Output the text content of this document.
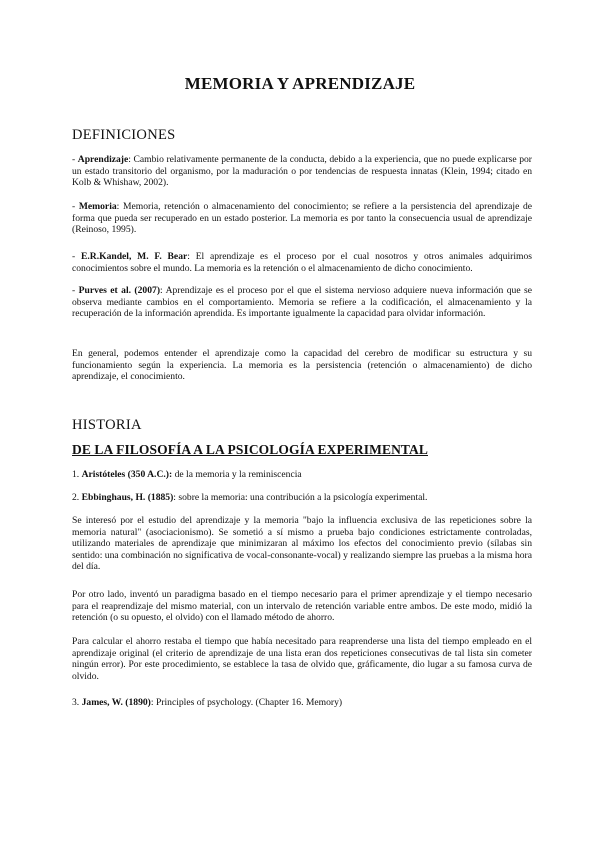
MEMORIA Y APRENDIZAJE
DEFINICIONES
- Aprendizaje: Cambio relativamente permanente de la conducta, debido a la experiencia, que no puede explicarse por un estado transitorio del organismo, por la maduración o por tendencias de respuesta innatas (Klein, 1994; citado en Kolb & Whishaw, 2002).
- Memoria: Memoria, retención o almacenamiento del conocimiento; se refiere a la persistencia del aprendizaje de forma que pueda ser recuperado en un estado posterior. La memoria es por tanto la consecuencia usual de aprendizaje (Reinoso, 1995).
- E.R.Kandel, M. F. Bear: El aprendizaje es el proceso por el cual nosotros y otros animales adquirimos conocimientos sobre el mundo. La memoria es la retención o el almacenamiento de dicho conocimiento.
- Purves et al. (2007): Aprendizaje es el proceso por el que el sistema nervioso adquiere nueva información que se observa mediante cambios en el comportamiento. Memoria se refiere a la codificación, el almacenamiento y la recuperación de la información aprendida. Es importante igualmente la capacidad para olvidar información.
En general, podemos entender el aprendizaje como la capacidad del cerebro de modificar su estructura y su funcionamiento según la experiencia. La memoria es la persistencia (retención o almacenamiento) de dicho aprendizaje, el conocimiento.
HISTORIA
DE LA FILOSOFÍA A LA PSICOLOGÍA EXPERIMENTAL
1. Aristóteles (350 A.C.): de la memoria y la reminiscencia
2. Ebbinghaus, H. (1885): sobre la memoria: una contribución a la psicología experimental.
Se interesó por el estudio del aprendizaje y la memoria "bajo la influencia exclusiva de las repeticiones sobre la memoria natural" (asociacionismo). Se sometió a sí mismo a prueba bajo condiciones estrictamente controladas, utilizando materiales de aprendizaje que minimizaran al máximo los efectos del conocimiento previo (sílabas sin sentido: una combinación no significativa de vocal-consonante-vocal) y realizando siempre las pruebas a la misma hora del día.
Por otro lado, inventó un paradigma basado en el tiempo necesario para el primer aprendizaje y el tiempo necesario para el reaprendizaje del mismo material, con un intervalo de retención variable entre ambos. De este modo, midió la retención (o su opuesto, el olvido) con el llamado método de ahorro.
Para calcular el ahorro restaba el tiempo que había necesitado para reaprenderse una lista del tiempo empleado en el aprendizaje original (el criterio de aprendizaje de una lista eran dos repeticiones consecutivas de tal lista sin cometer ningún error). Por este procedimiento, se establece la tasa de olvido que, gráficamente, dio lugar a su famosa curva de olvido.
3. James, W. (1890): Principles of psychology. (Chapter 16. Memory)
